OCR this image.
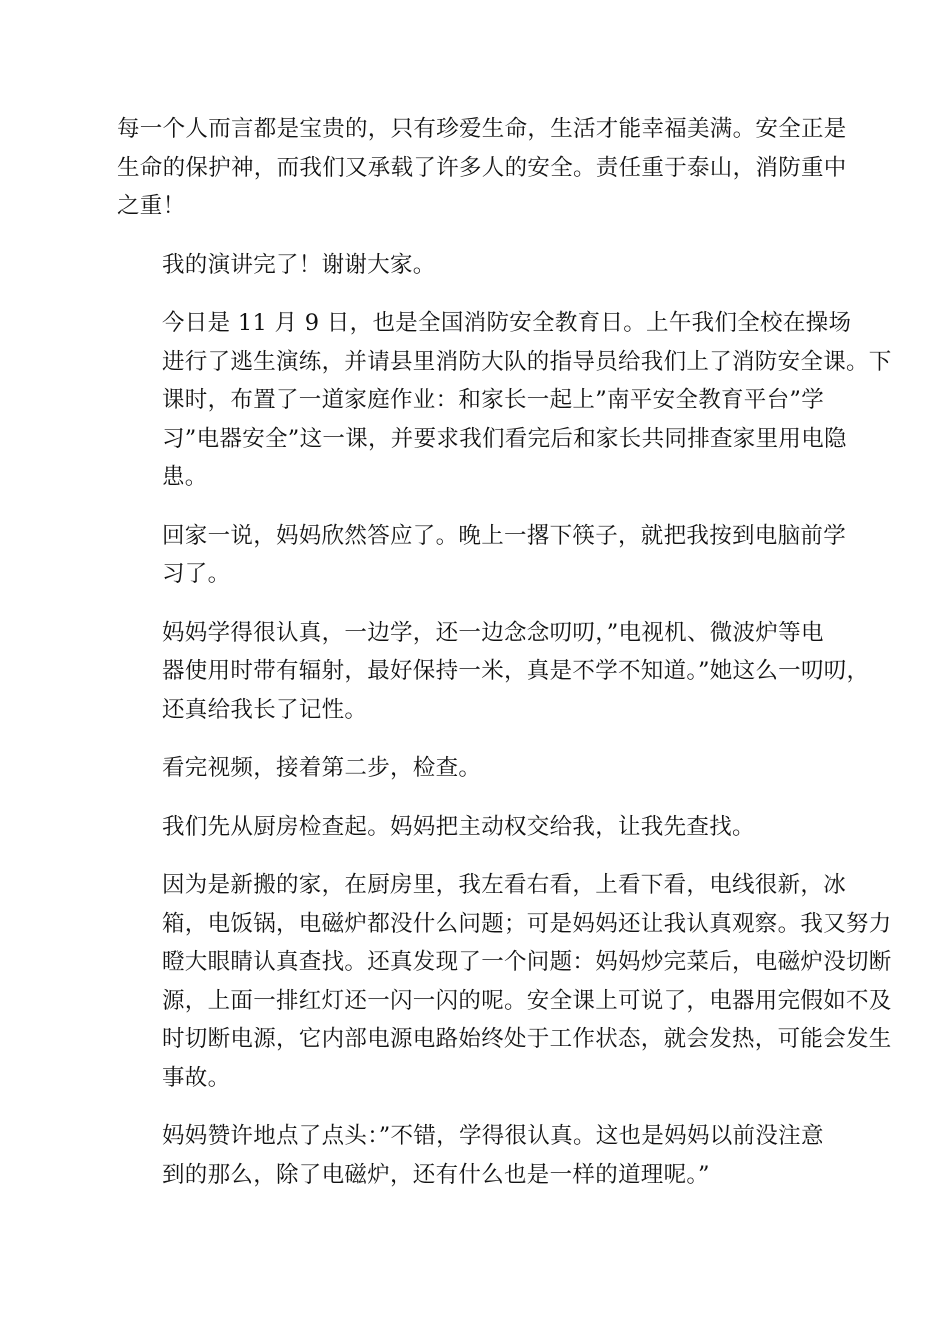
每一个人而言都是宝贵的，只有珍爱生命，生活才能幸福美满。安全正是
生命的保护神，而我们又承载了许多人的安全。责任重于泰山，消防重中
之重！

我的演讲完了！谢谢大家。

今日是 11 月 9 日，也是全国消防安全教育日。上午我们全校在操场
进行了逃生演练，并请县里消防大队的指导员给我们上了消防安全课。下
课时，布置了一道家庭作业：和家长一起上”南平安全教育平台”学
习”电器安全”这一课，并要求我们看完后和家长共同排查家里用电隐
患。

回家一说，妈妈欣然答应了。晚上一撂下筷子，就把我按到电脑前学
习了。

妈妈学得很认真，一边学，还一边念念叨叨，”电视机、微波炉等电
器使用时带有辐射，最好保持一米，真是不学不知道。”她这么一叨叨，
还真给我长了记性。

看完视频，接着第二步，检查。

我们先从厨房检查起。妈妈把主动权交给我，让我先查找。

因为是新搬的家，在厨房里，我左看右看，上看下看，电线很新，冰
箱，电饭锅，电磁炉都没什么问题；可是妈妈还让我认真观察。我又努力
瞪大眼睛认真查找。还真发现了一个问题：妈妈炒完菜后，电磁炉没切断
源，上面一排红灯还一闪一闪的呢。安全课上可说了，电器用完假如不及
时切断电源，它内部电源电路始终处于工作状态，就会发热，可能会发生
事故。

妈妈赞许地点了点头：”不错，学得很认真。这也是妈妈以前没注意
到的那么，除了电磁炉，还有什么也是一样的道理呢。”
